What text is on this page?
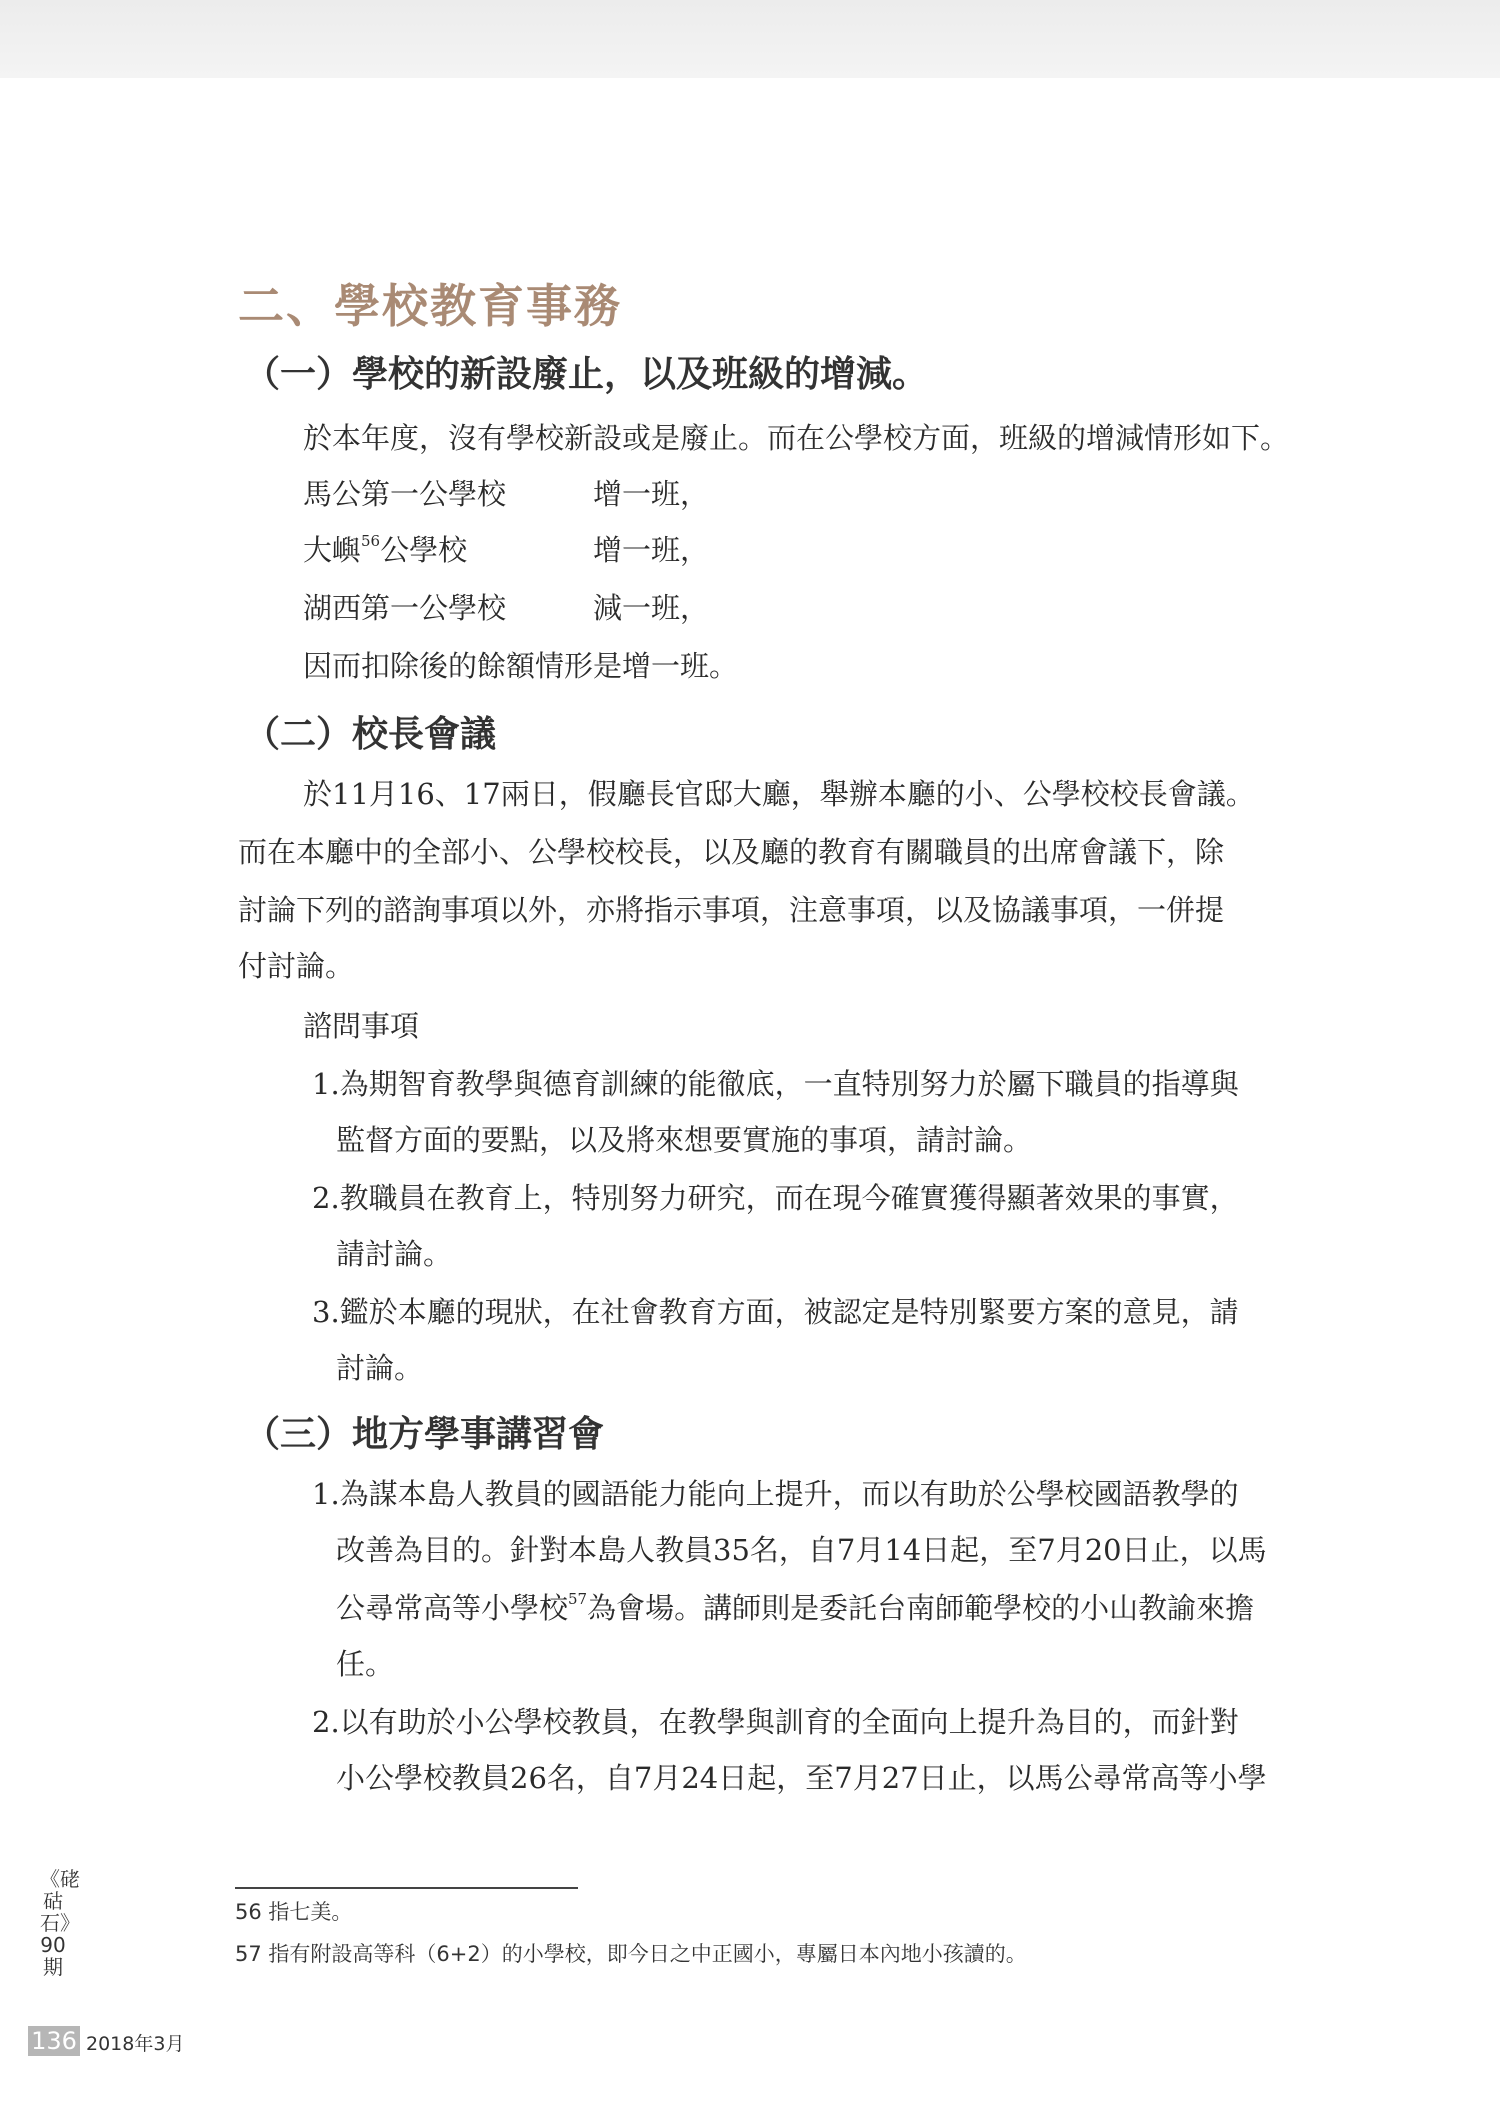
二、學校教育事務
（一）學校的新設廢止，以及班級的增減。
於本年度，沒有學校新設或是廢止。而在公學校方面，班級的增減情形如下。
馬公第一公學校	增一班，
大嶼$^{56}$公學校	增一班，
湖西第一公學校	減一班，
因而扣除後的餘額情形是增一班。
（二）校長會議
於11月16、17兩日，假廳長官邸大廳，舉辦本廳的小、公學校校長會議。
而在本廳中的全部小、公學校校長，以及廳的教育有關職員的出席會議下，除
討論下列的諮詢事項以外，亦將指示事項，注意事項，以及協議事項，一併提
付討論。
諮問事項
1.為期智育教學與德育訓練的能徹底，一直特別努力於屬下職員的指導與
監督方面的要點，以及將來想要實施的事項，請討論。
2.教職員在教育上，特別努力研究，而在現今確實獲得顯著效果的事實，
請討論。
3.鑑於本廳的現狀，在社會教育方面，被認定是特別緊要方案的意見，請
討論。
（三）地方學事講習會
1.為謀本島人教員的國語能力能向上提升，而以有助於公學校國語教學的
改善為目的。針對本島人教員35名，自7月14日起，至7月20日止，以馬
公尋常高等小學校$^{57}$為會場。講師則是委託台南師範學校的小山教諭來擔
任。
2.以有助於小公學校教員，在教學與訓育的全面向上提升為目的，而針對
小公學校教員26名，自7月24日起，至7月27日止，以馬公尋常高等小學
56 指七美。
57 指有附設高等科（6+2）的小學校，即今日之中正國小，專屬日本內地小孩讀的。
《硓𥑮石》90期
136 2018年3月
